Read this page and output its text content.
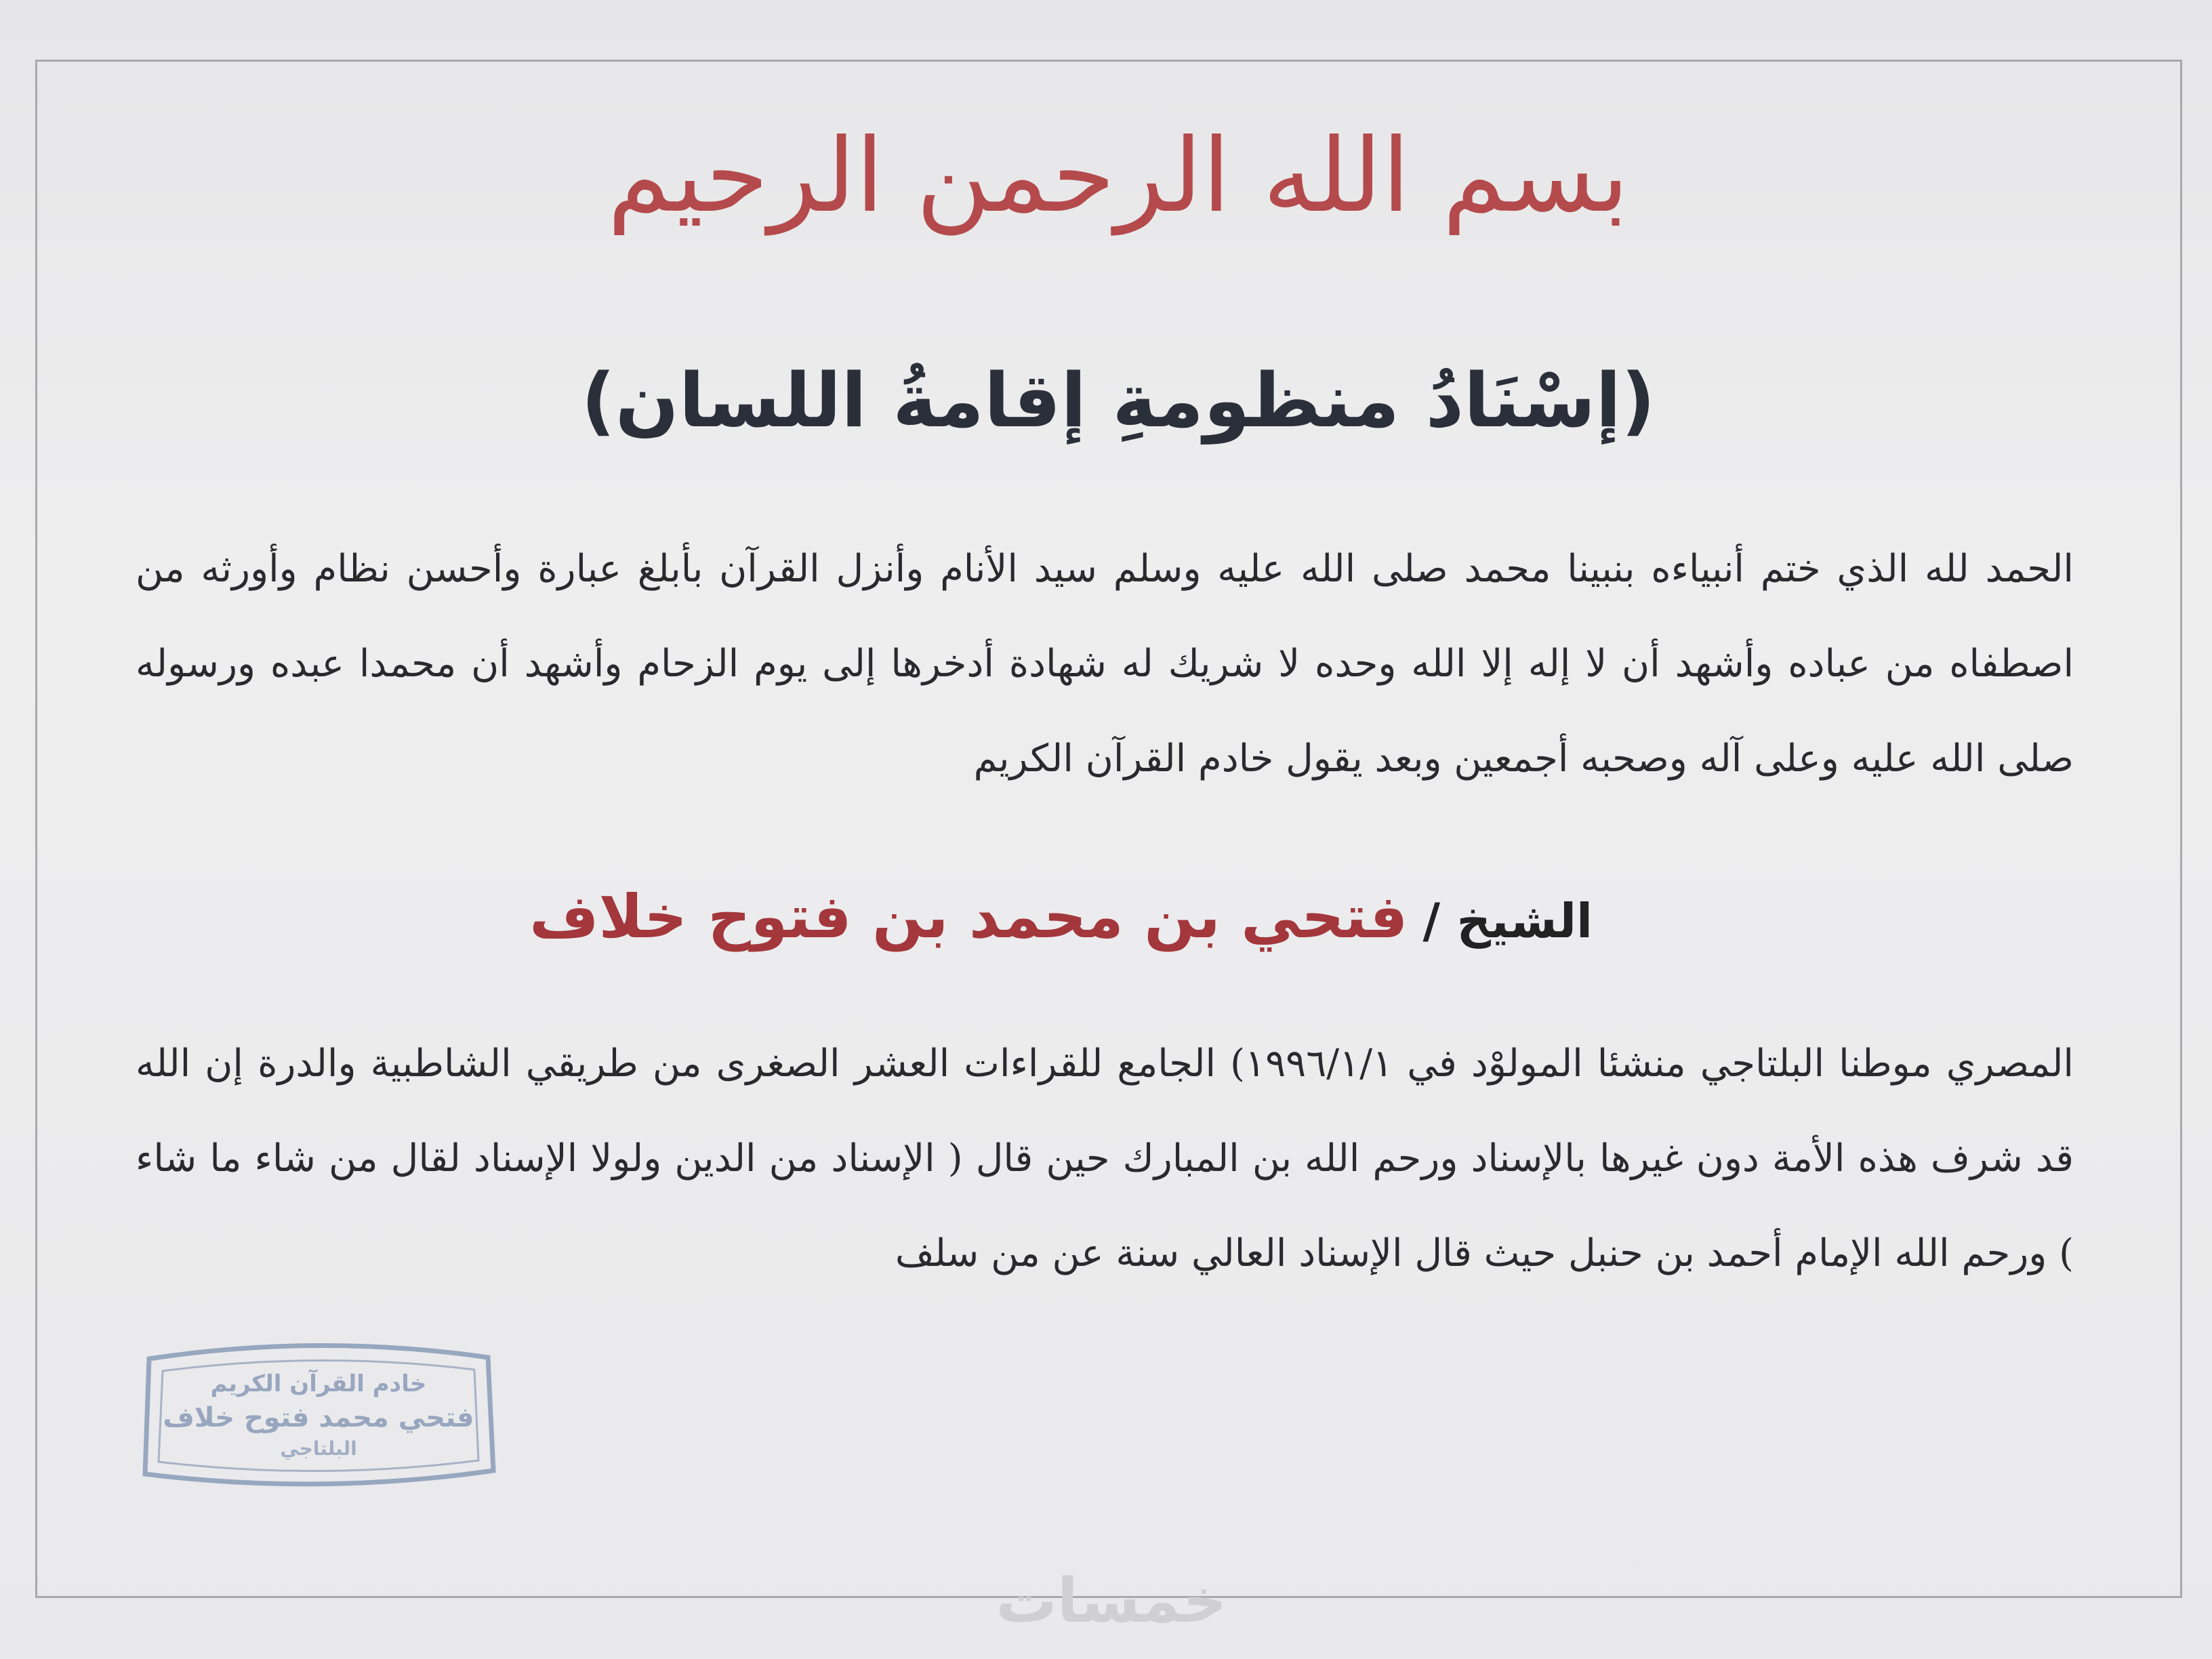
بسم الله الرحمن الرحيم
(إسْنَادُ منظومةِ إقامةُ اللسان)
الحمد لله الذي ختم أنبياءه بنبينا محمد صلى الله عليه وسلم سيد الأنام وأنزل القرآن بأبلغ عبارة وأحسن نظام وأورثه من اصطفاه من عباده وأشهد أن لا إله إلا الله وحده لا شريك له شهادة أدخرها إلى يوم الزحام وأشهد أن محمدا عبده ورسوله صلى الله عليه وعلى آله وصحبه أجمعين وبعد يقول خادم القرآن الكريم
الشيخ / فتحي بن محمد بن فتوح خلاف
المصري موطنا البلتاجي منشئا المولوْد في ١٩٩٦/١/١) الجامع للقراءات العشر الصغرى من طريقي الشاطبية والدرة إن الله قد شرف هذه الأمة دون غيرها بالإسناد ورحم الله بن المبارك حين قال ( الإسناد من الدين ولولا الإسناد لقال من شاء ما شاء ) ورحم الله الإمام أحمد بن حنبل حيث قال الإسناد العالي سنة عن من سلف
خادم القرآن الكريم
فتحي محمد فتوح خلاف
البلتاجي
خمسات
